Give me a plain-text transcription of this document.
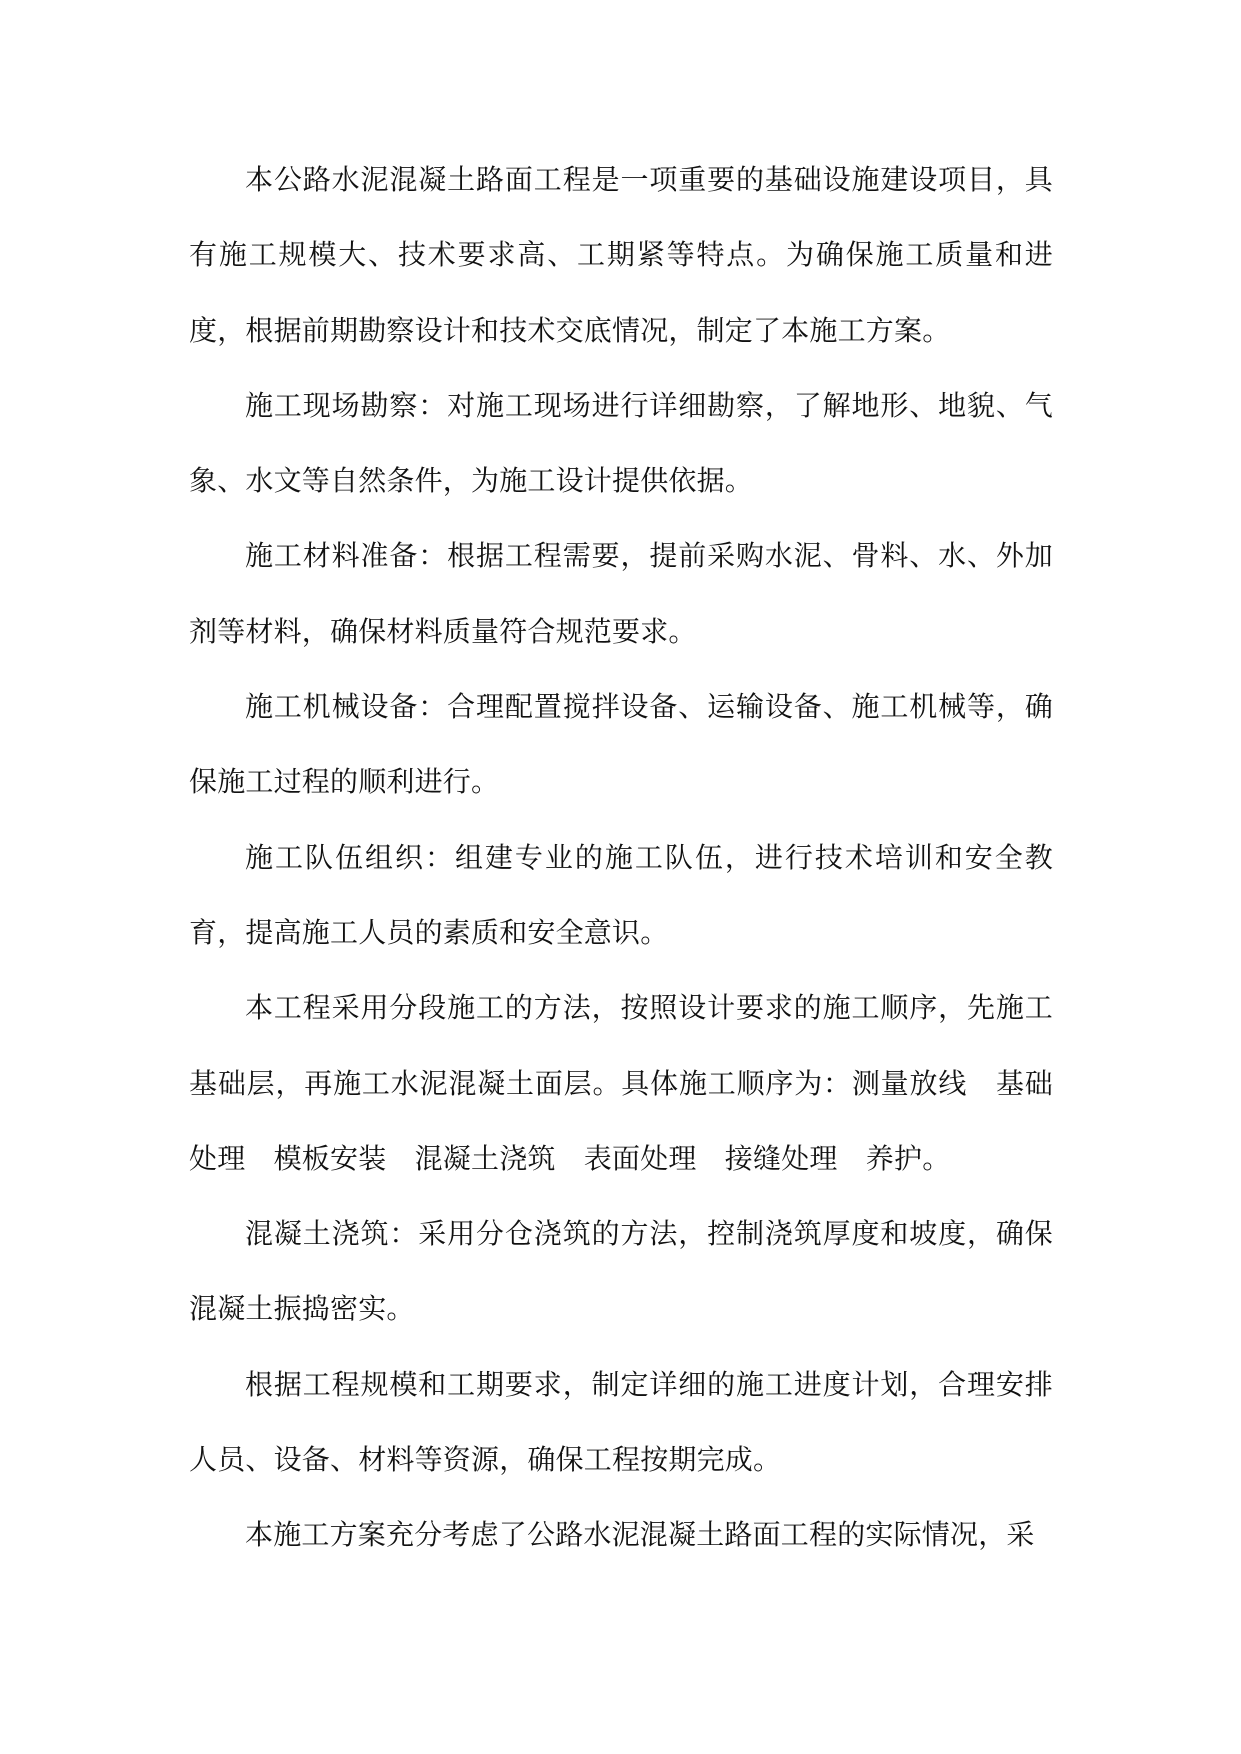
本公路水泥混凝土路面工程是一项重要的基础设施建设项目，具有施工规模大、技术要求高、工期紧等特点。为确保施工质量和进度，根据前期勘察设计和技术交底情况，制定了本施工方案。

施工现场勘察：对施工现场进行详细勘察，了解地形、地貌、气象、水文等自然条件，为施工设计提供依据。

施工材料准备：根据工程需要，提前采购水泥、骨料、水、外加剂等材料，确保材料质量符合规范要求。

施工机械设备：合理配置搅拌设备、运输设备、施工机械等，确保施工过程的顺利进行。

施工队伍组织：组建专业的施工队伍，进行技术培训和安全教育，提高施工人员的素质和安全意识。

本工程采用分段施工的方法，按照设计要求的施工顺序，先施工基础层，再施工水泥混凝土面层。具体施工顺序为：测量放线　基础处理　模板安装　混凝土浇筑　表面处理　接缝处理　养护。

混凝土浇筑：采用分仓浇筑的方法，控制浇筑厚度和坡度，确保混凝土振捣密实。

根据工程规模和工期要求，制定详细的施工进度计划，合理安排人员、设备、材料等资源，确保工程按期完成。

本施工方案充分考虑了公路水泥混凝土路面工程的实际情况，采
